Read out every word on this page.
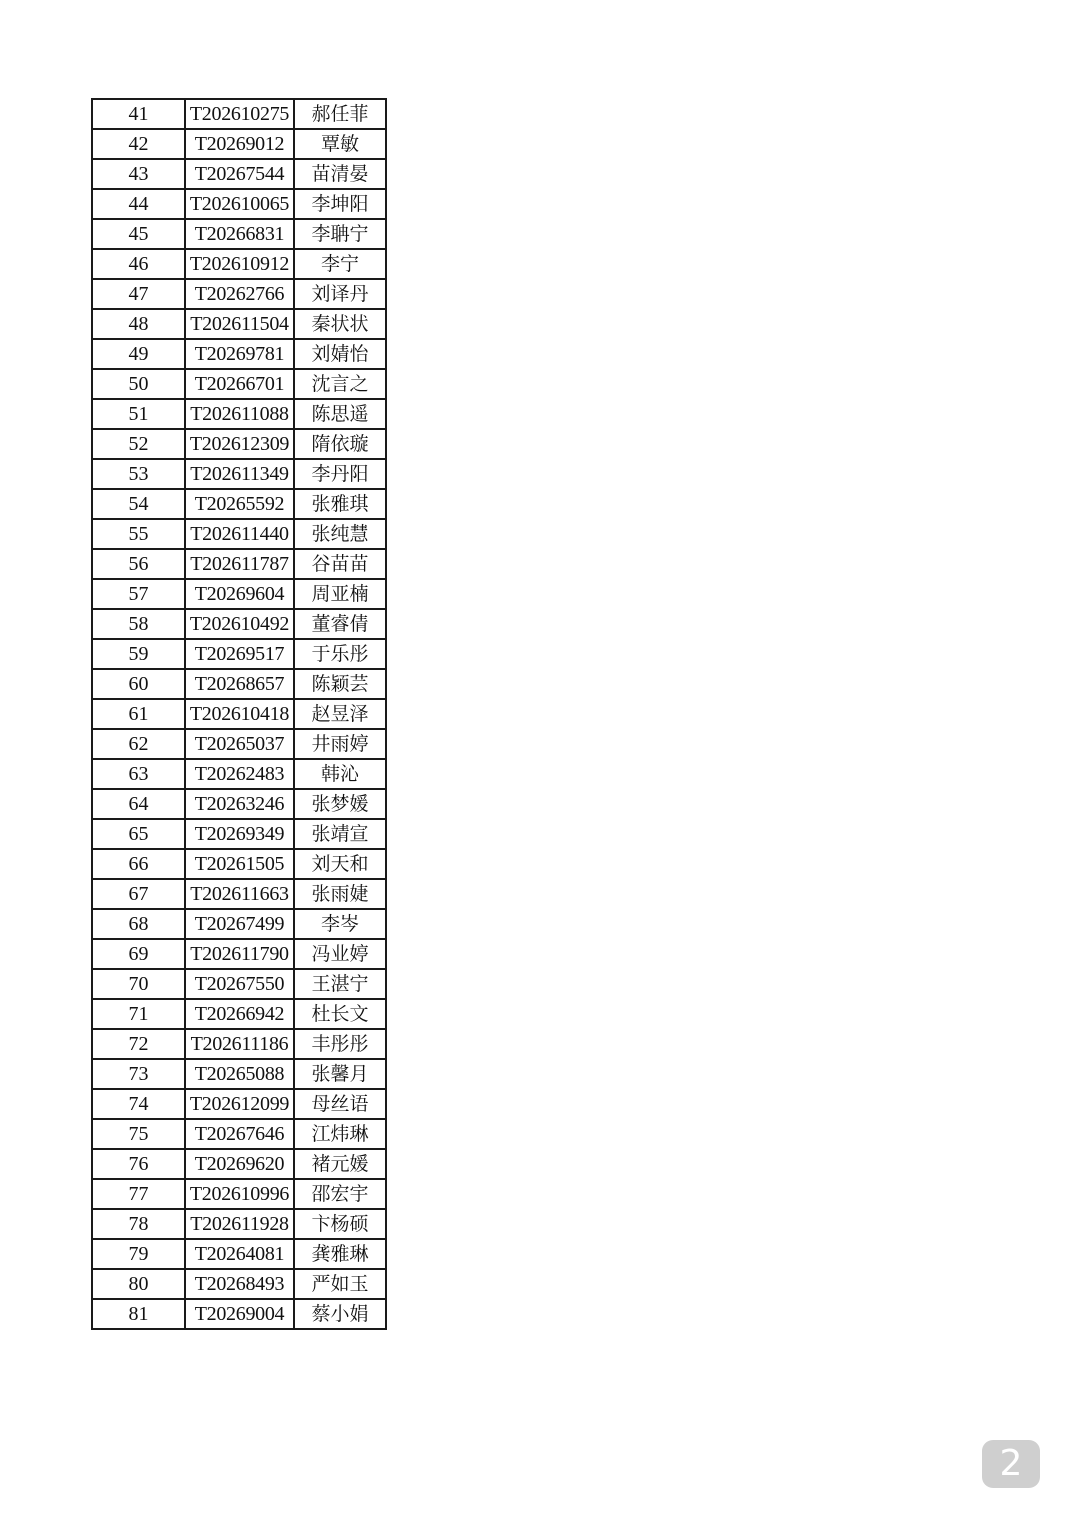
41	T202610275	郝任菲
42	T20269012	覃敏
43	T20267544	苗清晏
44	T202610065	李坤阳
45	T20266831	李聃宁
46	T202610912	李宁
47	T20262766	刘译丹
48	T202611504	秦状状
49	T20269781	刘婧怡
50	T20266701	沈言之
51	T202611088	陈思遥
52	T202612309	隋依璇
53	T202611349	李丹阳
54	T20265592	张雅琪
55	T202611440	张纯慧
56	T202611787	谷苗苗
57	T20269604	周亚楠
58	T202610492	董睿倩
59	T20269517	于乐彤
60	T20268657	陈颖芸
61	T202610418	赵昱泽
62	T20265037	井雨婷
63	T20262483	韩沁
64	T20263246	张梦媛
65	T20269349	张靖宣
66	T20261505	刘天和
67	T202611663	张雨婕
68	T20267499	李岑
69	T202611790	冯业婷
70	T20267550	王湛宁
71	T20266942	杜长文
72	T202611186	丰彤彤
73	T20265088	张馨月
74	T202612099	母丝语
75	T20267646	江炜琳
76	T20269620	褚元媛
77	T202610996	邵宏宇
78	T202611928	卞杨硕
79	T20264081	龚雅琳
80	T20268493	严如玉
81	T20269004	蔡小娟
2
